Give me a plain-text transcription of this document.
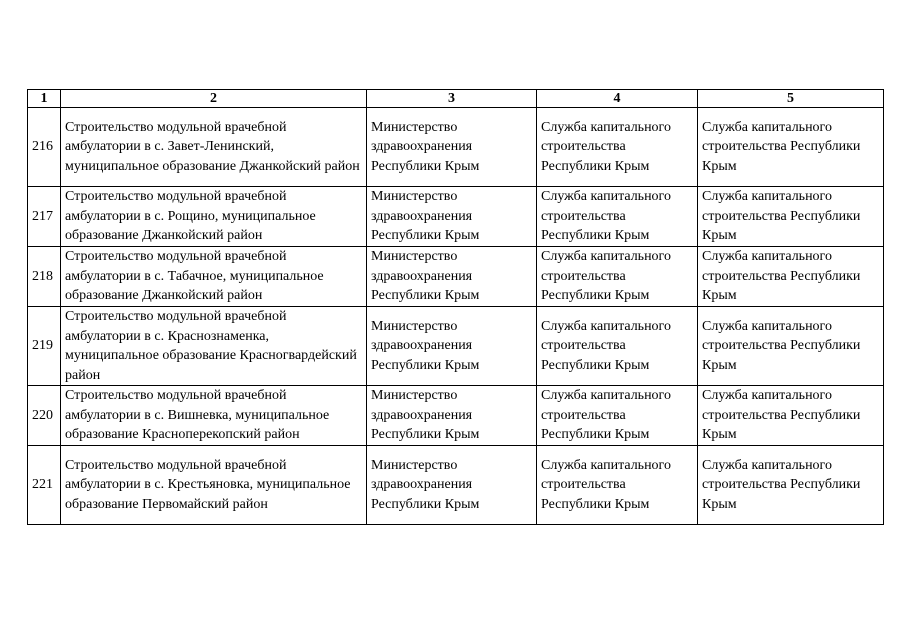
1	2	3	4	5
216	Строительство модульной врачебной амбулатории в с. Завет-Ленинский, муниципальное образование Джанкойский район	Министерство здравоохранения Республики Крым	Служба капитального строительства Республики Крым	Служба капитального строительства Республики Крым
217	Строительство модульной врачебной амбулатории в с. Рощино, муниципальное образование Джанкойский район	Министерство здравоохранения Республики Крым	Служба капитального строительства Республики Крым	Служба капитального строительства Республики Крым
218	Строительство модульной врачебной амбулатории в с. Табачное, муниципальное образование Джанкойский район	Министерство здравоохранения Республики Крым	Служба капитального строительства Республики Крым	Служба капитального строительства Республики Крым
219	Строительство модульной врачебной амбулатории в с. Краснознаменка, муниципальное образование Красногвардейский район	Министерство здравоохранения Республики Крым	Служба капитального строительства Республики Крым	Служба капитального строительства Республики Крым
220	Строительство модульной врачебной амбулатории в с. Вишневка, муниципальное образование Красноперекопский район	Министерство здравоохранения Республики Крым	Служба капитального строительства Республики Крым	Служба капитального строительства Республики Крым
221	Строительство модульной врачебной амбулатории в с. Крестьяновка, муниципальное образование Первомайский район	Министерство здравоохранения Республики Крым	Служба капитального строительства Республики Крым	Служба капитального строительства Республики Крым
